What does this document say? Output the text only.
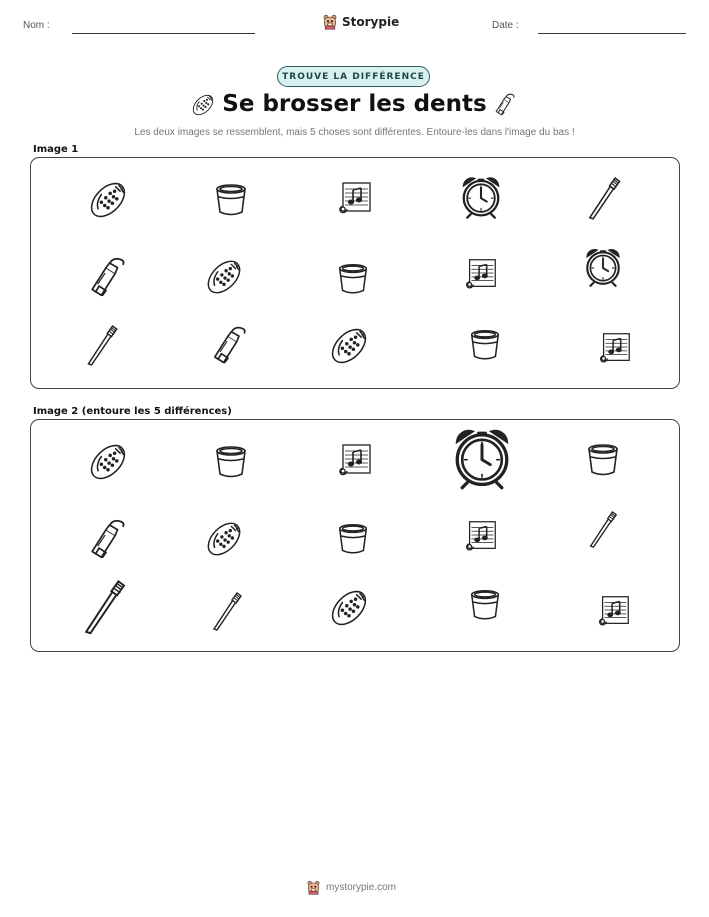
Nom :	Storypie	Date :
TROUVE LA DIFFÉRENCE
Se brosser les dents
Les deux images se ressemblent, mais 5 choses sont différentes. Entoure-les dans l'image du bas !
Image 1
Image 2 (entoure les 5 différences)
mystorypie.com
